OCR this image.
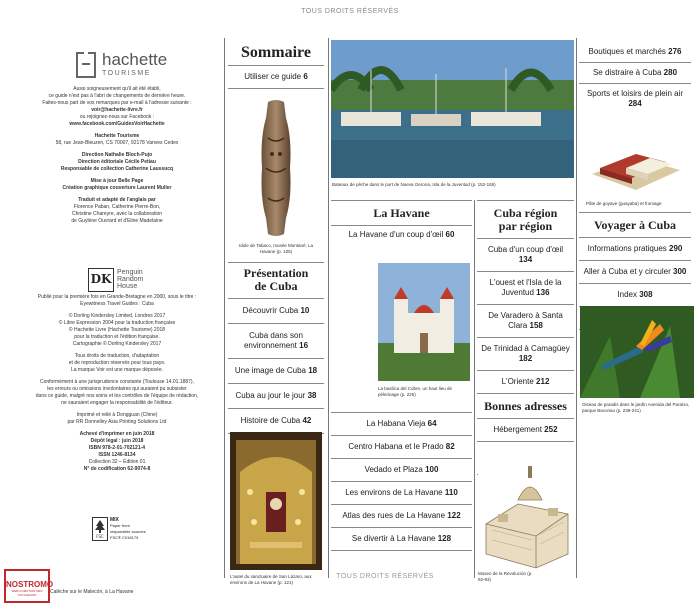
TOUS DROITS RÉSERVÉS
hachette
TOURISME

Aussi soigneusement qu'il ait été établi,

ce guide n'est pas à l'abri de changements de dernière heure.

Faites-nous part de vos remarques par e-mail à l'adresse suivante :

voir@hachette-livre.fr

ou rejoignez-nous sur Facebook :

www.facebook.com/GuidesVoirHachette

Hachette Tourisme

58, rue Jean-Bleuzen, CS 70007, 92178 Vanves Cedex

Direction Nathalie Bloch-Pujo

Direction éditoriale Cécile Petiau

Responsable de collection Catherine Laussucq

Mise à jour Belle Page

Création graphique couverture Laurent Muller

Traduit et adapté de l'anglais par

Florence Paban, Catherine Pierre-Bon,

Christine Chareyre, avec la collaboration

de Guylène Ouvrard et d'Eline Madelaine

DK Penguin
Random
House

Publié pour la première fois en Grande-Bretagne en 2000, sous le titre :

Eyewitness Travel Guides : Cuba

© Dorling Kindersley Limited, Londres 2017

© Libre Expression 2004 pour la traduction française

© Hachette Livre (Hachette Tourisme) 2018

pour la traduction et l'édition française.

Cartographie © Dorling Kindersley 2017

Tous droits de traduction, d'adaptation

et de reproduction réservés pour tous pays.

La marque Voir est une marque déposée.

Conformément à une jurisprudence constante (Toulouse 14.01.1887),

les erreurs ou omissions involontaires qui auraient pu subsister

dans ce guide, malgré nos soins et les contrôles de l'équipe de rédaction,

ne sauraient engager la responsabilité de l'éditeur.

Imprimé et relié à Dongguan (Chine)

par RR Donnelley Asia Printing Solutions Ltd

Achevé d'imprimer en juin 2018

Dépôt légal : juin 2018

ISBN 978-2-01-702121-4

ISSN 1246-8134

Collection 32 – Édition 01

N° de codification 62-9074-8

FSC
MIX
Paper from
responsible sources
FSC® C018179
NOSTROMO
WEB COMPTOIR DES VOYAGEURS	Calèche sur le Malecón, à La Havane
Sommaire
Utiliser ce guide 6
Idole de Tabaco, musée Montané, La Havane (p. 105)
Présentation
de Cuba
Découvrir Cuba 10
Cuba dans son environnement 16
Une image de Cuba 18
Cuba au jour le jour 38
Histoire de Cuba 42
L'autel du sanctuaire de San Lázaro, aux environs de La Havane (p. 121)
Bateaux de pêche dans le port de Nueva Gerona, Isla de la Juventud (p. 152-155)
La Havane
La Havane d'un coup d'œil 60
La basilica del Cobre, un haut lieu de pèlerinage (p. 225)
La Habana Vieja 64
Centro Habana et le Prado 82
Vedado et Plaza 100
Les environs de La Havane 110
Atlas des rues de La Havane 122
Se divertir à La Havane 128
Cuba région
par région
Cuba d'un coup d'œil 134
L'ouest et l'Isla de la Juventud 136
De Varadero à Santa Clara 158
De Trinidad à Camagüey 182
L'Oriente 212
Bonnes adresses
Hébergement 252
Museo de la Revolución (p. 92-93)
Boutiques et marchés 276
Se distraire à Cuba 280
Sports et loisirs de plein air 284
Pâte de goyave (guayaba) et fromage
Voyager à Cuba
Informations pratiques 290
Aller à Cuba et y circuler 300
Index 308
Oiseau de paradis dans le jardín Avenida del Paraíso, parque Baconao (p. 238-241)
TOUS DROITS RÉSERVÉS
